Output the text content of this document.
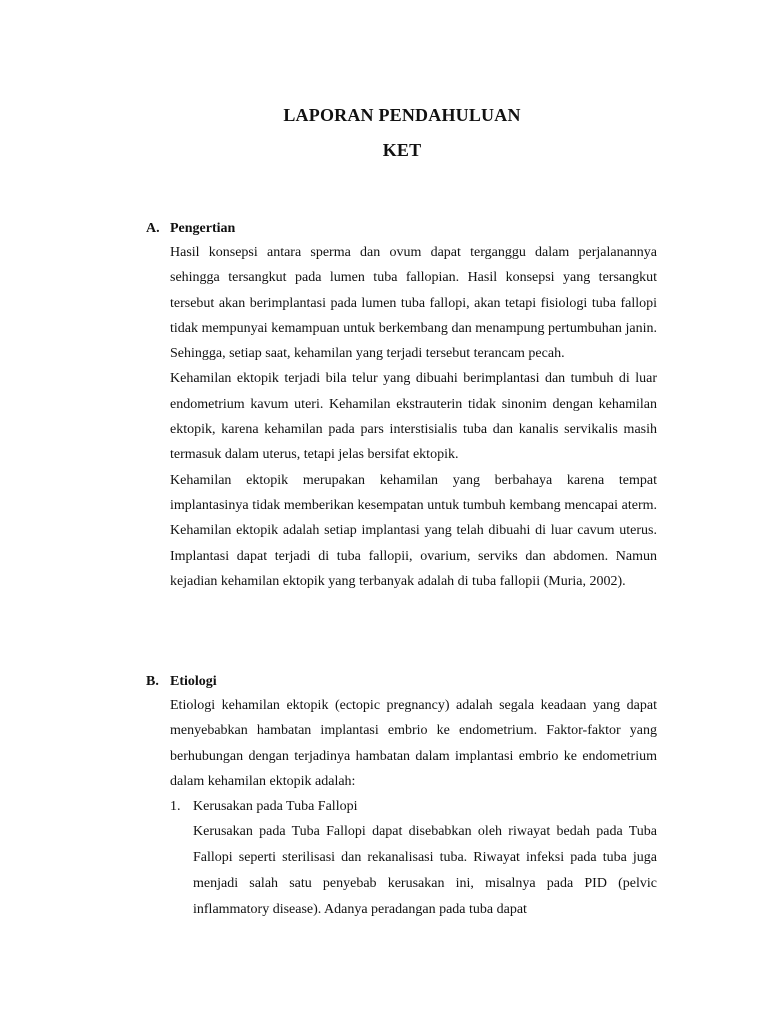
LAPORAN PENDAHULUAN
KET
A. Pengertian
Hasil konsepsi antara sperma dan ovum dapat terganggu dalam perjalanannya sehingga tersangkut pada lumen tuba fallopian. Hasil konsepsi yang tersangkut tersebut akan berimplantasi pada lumen tuba fallopi, akan tetapi fisiologi tuba fallopi tidak mempunyai kemampuan untuk berkembang dan menampung pertumbuhan janin. Sehingga, setiap saat, kehamilan yang terjadi tersebut terancam pecah.
Kehamilan ektopik terjadi bila telur yang dibuahi berimplantasi dan tumbuh di luar endometrium kavum uteri. Kehamilan ekstrauterin tidak sinonim dengan kehamilan ektopik, karena kehamilan pada pars interstisialis tuba dan kanalis servikalis masih termasuk dalam uterus, tetapi jelas bersifat ektopik.
Kehamilan ektopik merupakan kehamilan yang berbahaya karena tempat implantasinya tidak memberikan kesempatan untuk tumbuh kembang mencapai aterm. Kehamilan ektopik adalah setiap implantasi yang telah dibuahi di luar cavum uterus. Implantasi dapat terjadi di tuba fallopii, ovarium, serviks dan abdomen. Namun kejadian kehamilan ektopik yang terbanyak adalah di tuba fallopii (Muria, 2002).
B. Etiologi
Etiologi kehamilan ektopik (ectopic pregnancy) adalah segala keadaan yang dapat menyebabkan hambatan implantasi embrio ke endometrium. Faktor-faktor yang berhubungan dengan terjadinya hambatan dalam implantasi embrio ke endometrium dalam kehamilan ektopik adalah:
1. Kerusakan pada Tuba Fallopi
Kerusakan pada Tuba Fallopi dapat disebabkan oleh riwayat bedah pada Tuba Fallopi seperti sterilisasi dan rekanalisasi tuba. Riwayat infeksi pada tuba juga menjadi salah satu penyebab kerusakan ini, misalnya pada PID (pelvic inflammatory disease). Adanya peradangan pada tuba dapat
